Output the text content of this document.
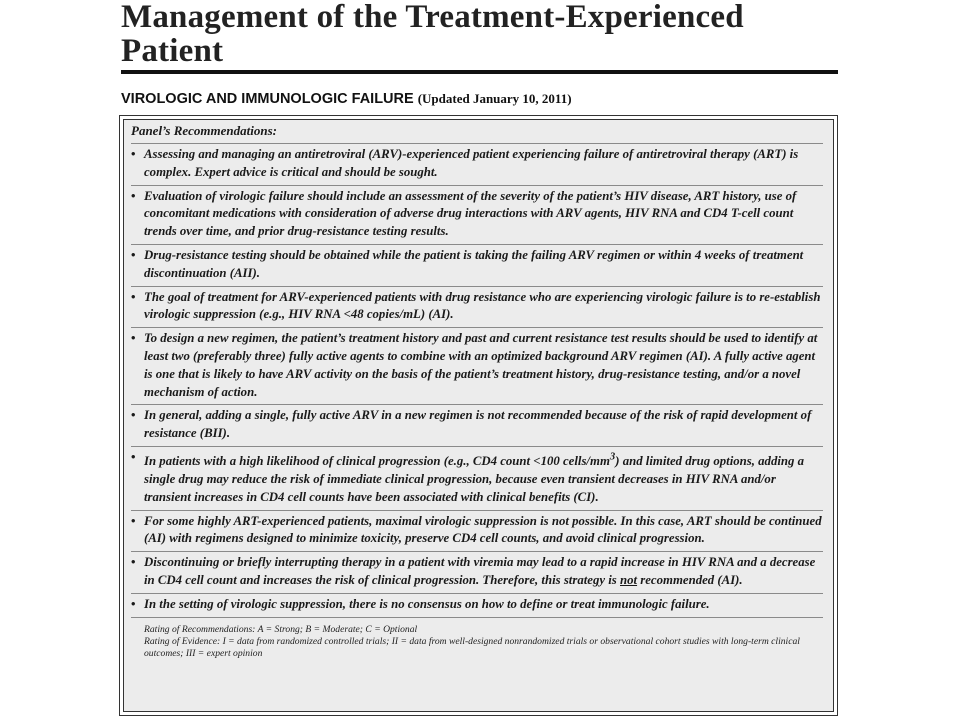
Management of the Treatment-Experienced Patient
VIROLOGIC AND IMMUNOLOGIC FAILURE (Updated January 10, 2011)
Panel’s Recommendations:
• Assessing and managing an antiretroviral (ARV)-experienced patient experiencing failure of antiretroviral therapy (ART) is complex. Expert advice is critical and should be sought.
• Evaluation of virologic failure should include an assessment of the severity of the patient’s HIV disease, ART history, use of concomitant medications with consideration of adverse drug interactions with ARV agents, HIV RNA and CD4 T-cell count trends over time, and prior drug-resistance testing results.
• Drug-resistance testing should be obtained while the patient is taking the failing ARV regimen or within 4 weeks of treatment discontinuation (AII).
• The goal of treatment for ARV-experienced patients with drug resistance who are experiencing virologic failure is to re-establish virologic suppression (e.g., HIV RNA <48 copies/mL) (AI).
• To design a new regimen, the patient’s treatment history and past and current resistance test results should be used to identify at least two (preferably three) fully active agents to combine with an optimized background ARV regimen (AI). A fully active agent is one that is likely to have ARV activity on the basis of the patient’s treatment history, drug-resistance testing, and/or a novel mechanism of action.
• In general, adding a single, fully active ARV in a new regimen is not recommended because of the risk of rapid development of resistance (BII).
• In patients with a high likelihood of clinical progression (e.g., CD4 count <100 cells/$mm^3$) and limited drug options, adding a single drug may reduce the risk of immediate clinical progression, because even transient decreases in HIV RNA and/or transient increases in CD4 cell counts have been associated with clinical benefits (CI).
• For some highly ART-experienced patients, maximal virologic suppression is not possible. In this case, ART should be continued (AI) with regimens designed to minimize toxicity, preserve CD4 cell counts, and avoid clinical progression.
• Discontinuing or briefly interrupting therapy in a patient with viremia may lead to a rapid increase in HIV RNA and a decrease in CD4 cell count and increases the risk of clinical progression. Therefore, this strategy is not recommended (AI).
• In the setting of virologic suppression, there is no consensus on how to define or treat immunologic failure.
Rating of Recommendations: A = Strong; B = Moderate; C = Optional
Rating of Evidence: I = data from randomized controlled trials; II = data from well-designed nonrandomized trials or observational cohort studies with long-term clinical outcomes; III = expert opinion
